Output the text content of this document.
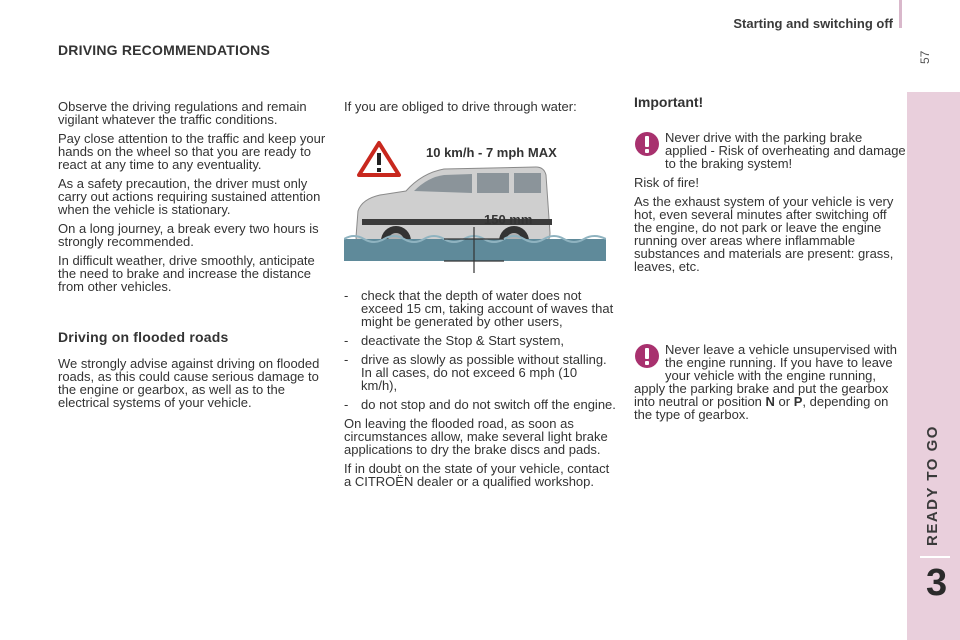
Starting and switching off
57
READY TO GO
3
DRIVING RECOMMENDATIONS

Observe the driving regulations and remain vigilant whatever the traffic conditions.

Pay close attention to the traffic and keep your hands on the wheel so that you are ready to react at any time to any eventuality.

As a safety precaution, the driver must only carry out actions requiring sustained attention when the vehicle is stationary.

On a long journey, a break every two hours is strongly recommended.

In difficult weather, drive smoothly, anticipate the need to brake and increase the distance from other vehicles.

Driving on flooded roads

We strongly advise against driving on flooded roads, as this could cause serious damage to the engine or gearbox, as well as to the electrical systems of your vehicle.

If you are obliged to drive through water:

10 km/h - 7 mph MAX
150 mm
- check that the depth of water does not exceed 15 cm, taking account of waves that might be generated by other users,
- deactivate the Stop & Start system,
- drive as slowly as possible without stalling. In all cases, do not exceed 6 mph (10 km/h),
- do not stop and do not switch off the engine.

On leaving the flooded road, as soon as circumstances allow, make several light brake applications to dry the brake discs and pads.

If in doubt on the state of your vehicle, contact a CITROËN dealer or a qualified workshop.

Important!

Never drive with the parking brake applied - Risk of overheating and damage to the braking system!

Risk of fire!

As the exhaust system of your vehicle is very hot, even several minutes after switching off the engine, do not park or leave the engine running over areas where inflammable substances and materials are present: grass, leaves, etc.

Never leave a vehicle unsupervised with the engine running. If you have to leave your vehicle with the engine running, apply the parking brake and put the gearbox into neutral or position N or P, depending on the type of gearbox.
